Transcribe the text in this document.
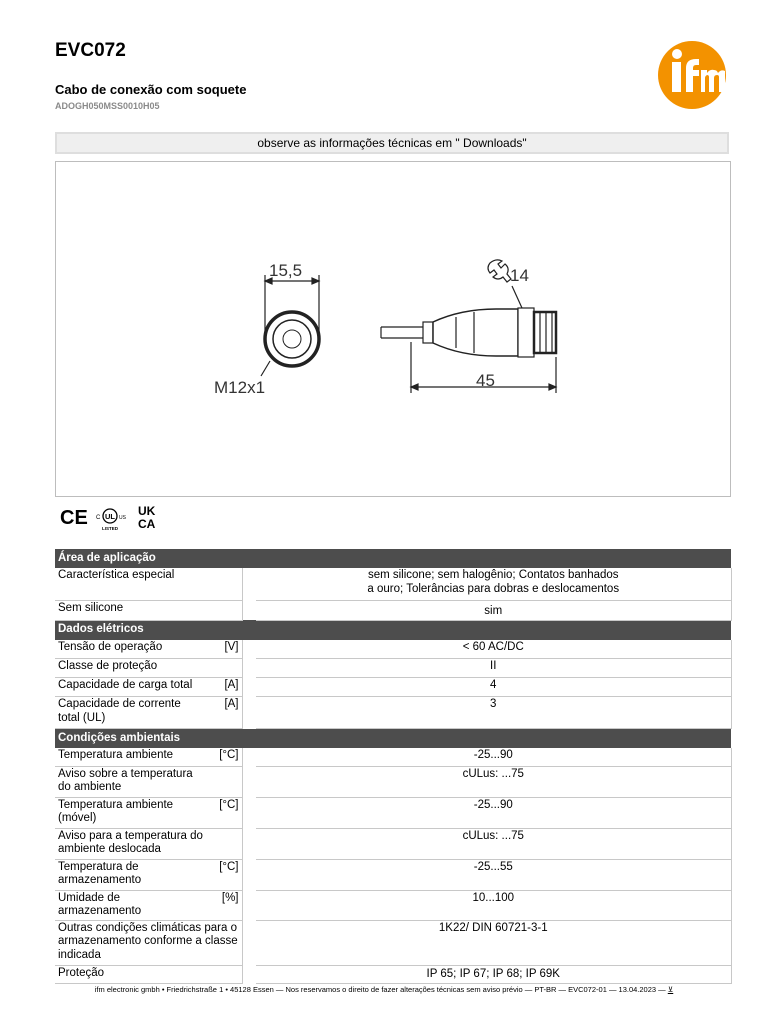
EVC072
Cabo de conexão com soquete
ADOGH050MSS0010H05
observe as informações técnicas em " Downloads"
15,5
M12x1
14
45
CE C UL US
LISTED
UK
CA
Área de aplicação			
Característica especial			sem silicone; sem halogênio; Contatos banhados
a ouro; Tolerâncias para dobras e deslocamentos
Sem silicone			sim
Dados elétricos			
Tensão de operação	[V]		< 60 AC/DC
Classe de proteção			II
Capacidade de carga total	[A]		4
Capacidade de corrente total (UL)	[A]		3
Condições ambientais			
Temperatura ambiente	[°C]		-25...90
Aviso sobre a temperatura do ambiente			cULus: ...75
Temperatura ambiente (móvel)	[°C]		-25...90
Aviso para a temperatura do ambiente deslocada			cULus: ...75
Temperatura de armazenamento	[°C]		-25...55
Umidade de armazenamento	[%]		10...100
Outras condições climáticas para o armazenamento conforme a classe indicada			1K22/ DIN 60721-3-1
Proteção			IP 65; IP 67; IP 68; IP 69K
ifm electronic gmbh • Friedrichstraße 1 • 45128 Essen — Nos reservamos o direito de fazer alterações técnicas sem aviso prévio — PT-BR — EVC072-01 — 13.04.2023 — ⊻
